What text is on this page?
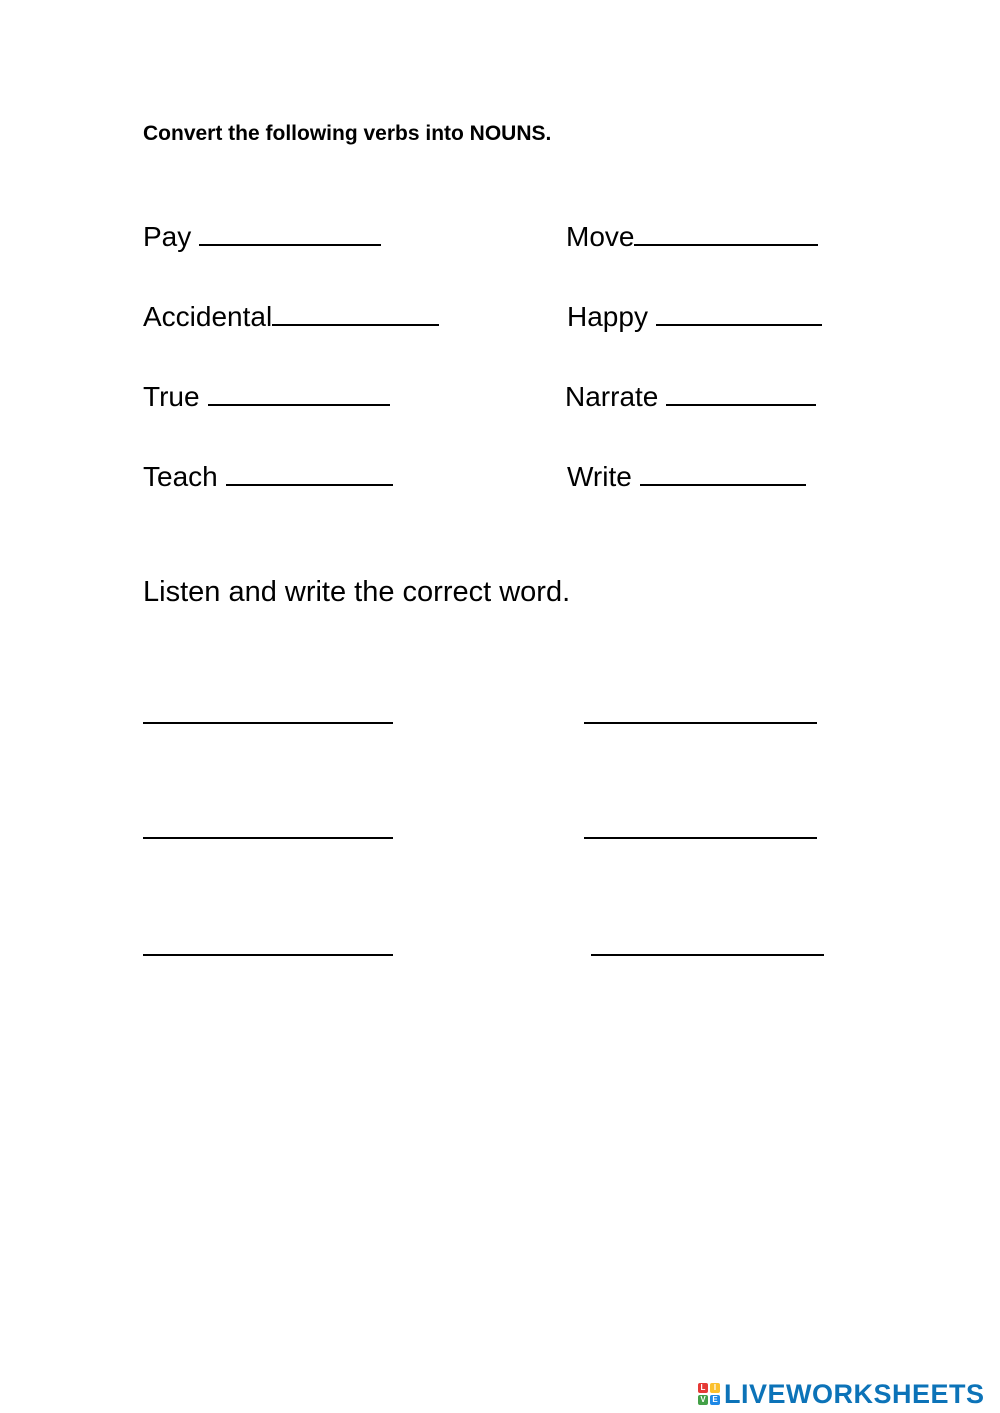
Convert the following verbs into NOUNS.
Pay	Move
Accidental	Happy
True	Narrate
Teach	Write
Listen and write the correct word.
L	I
V E LIVEWORKSHEETS
